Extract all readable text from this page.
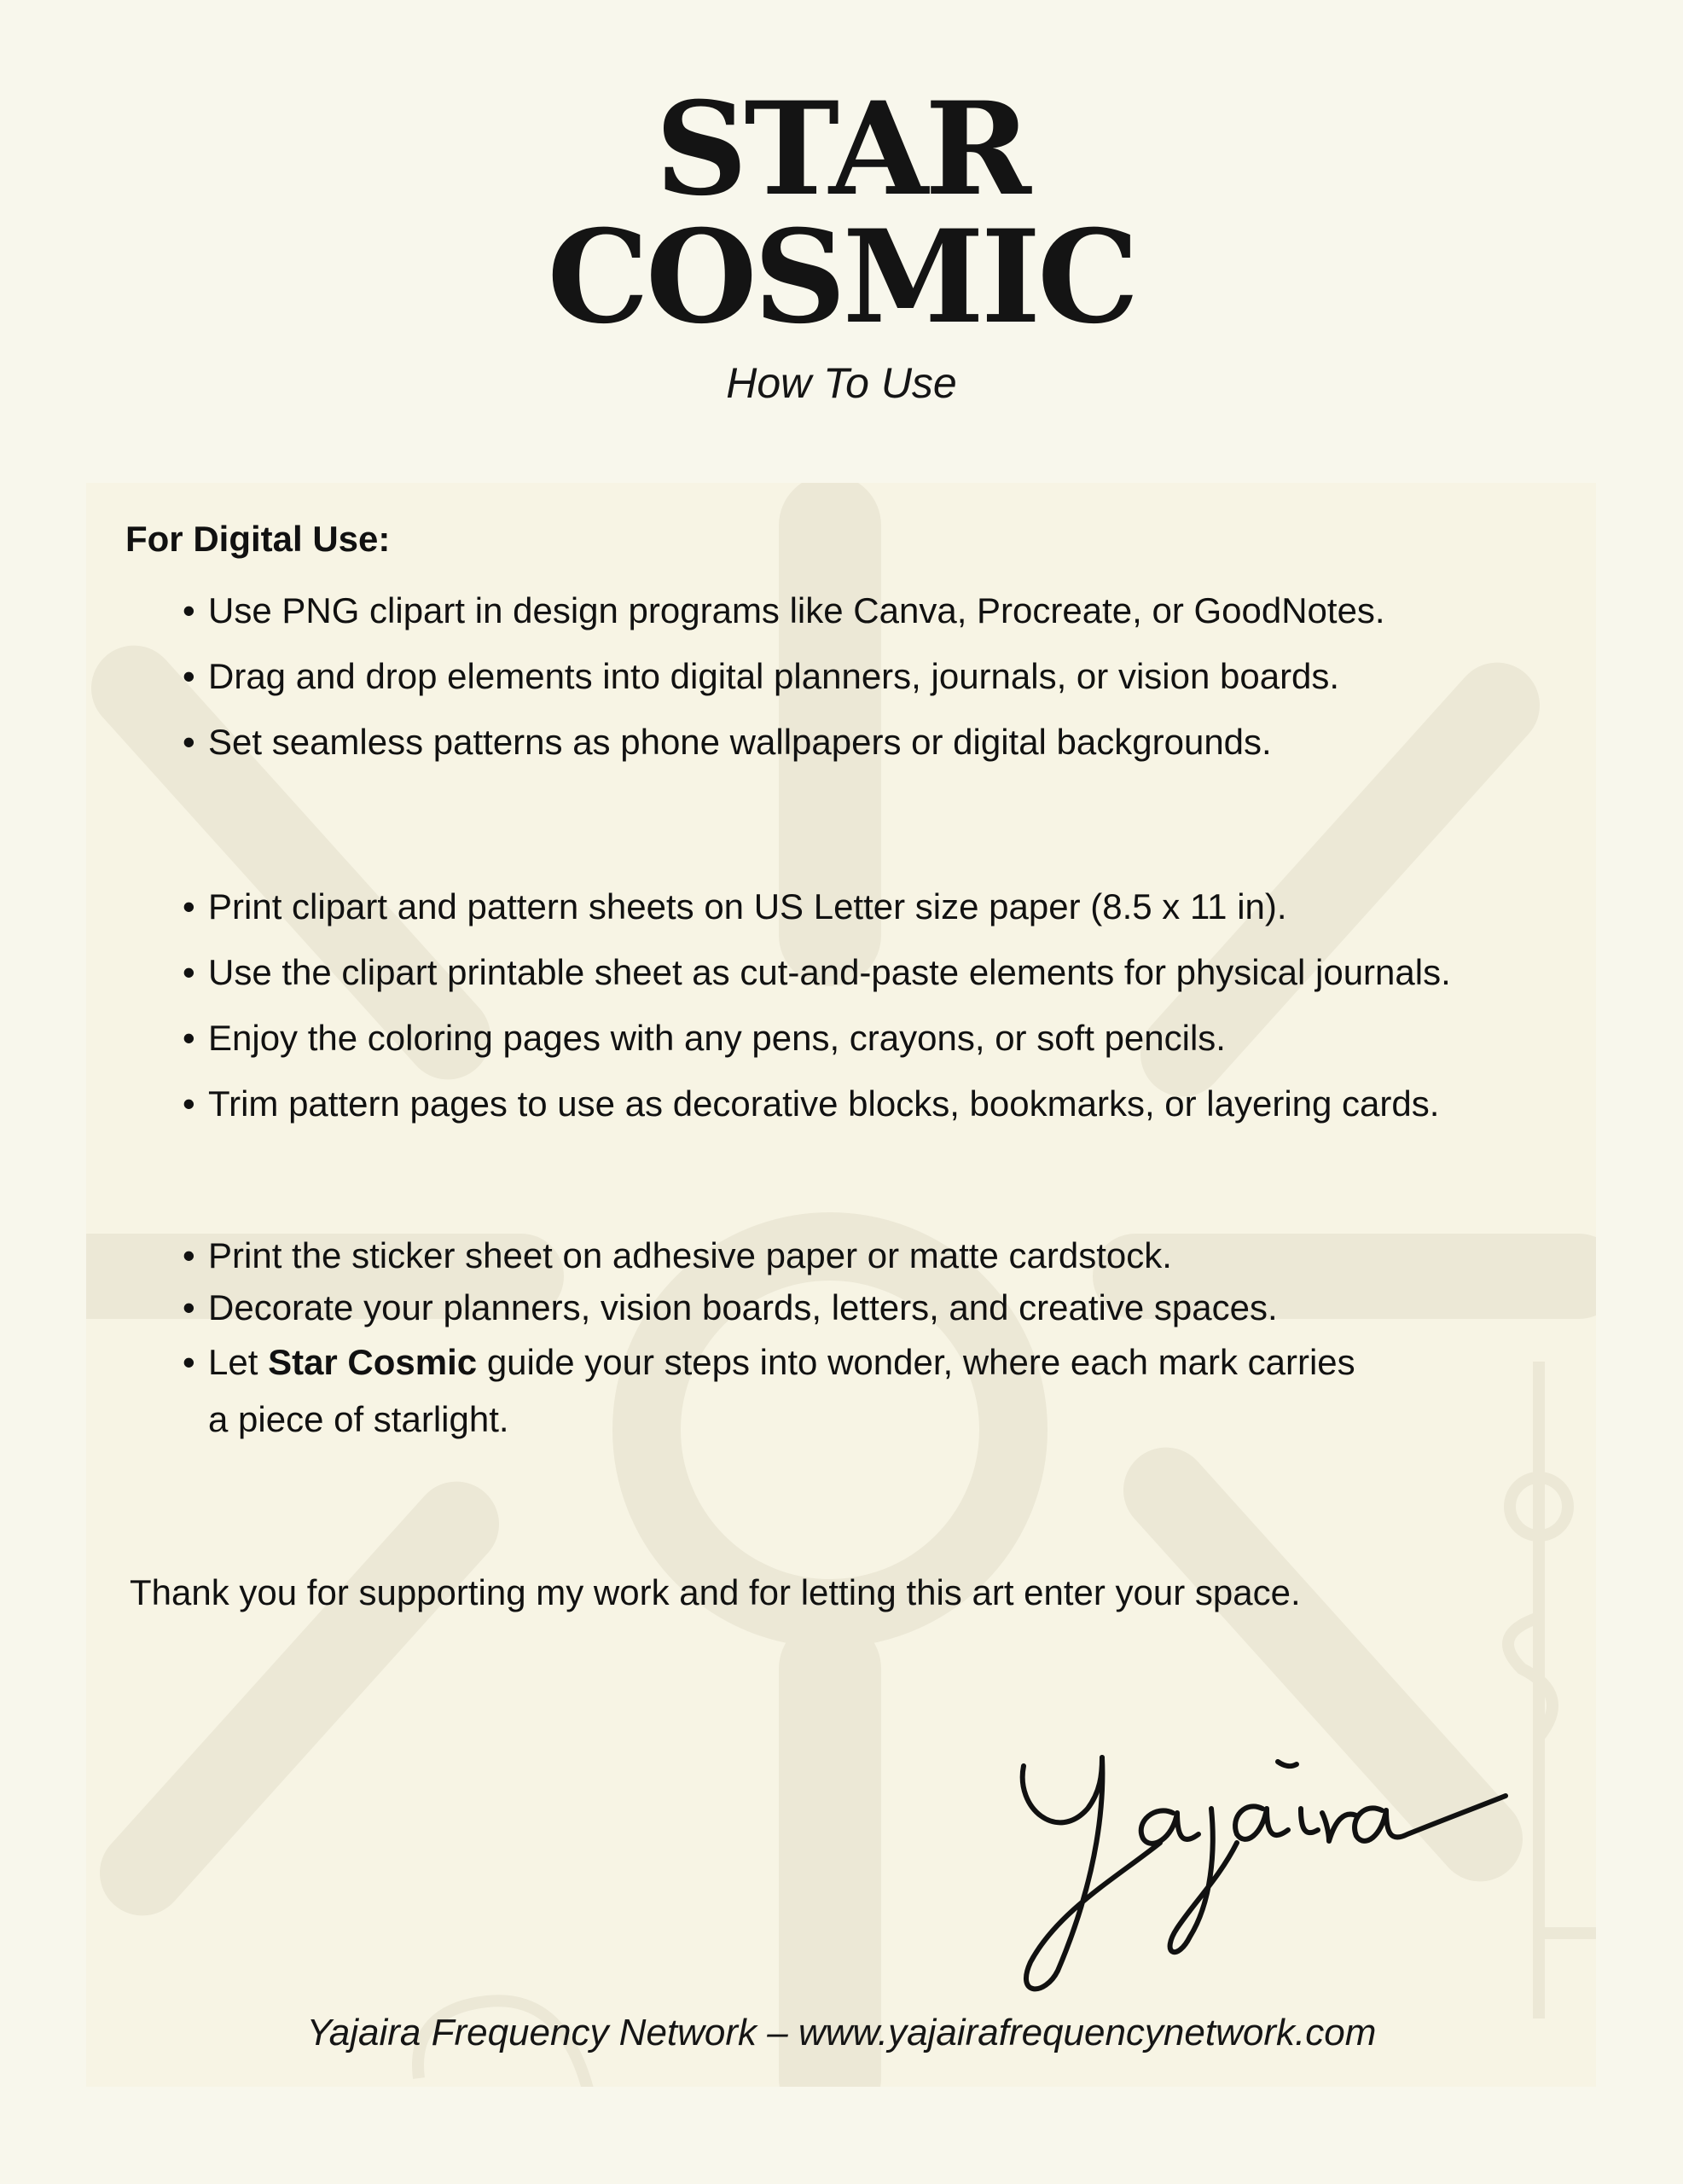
STAR
COSMIC
How To Use
For Digital Use:
• Use PNG clipart in design programs like Canva, Procreate, or GoodNotes.
• Drag and drop elements into digital planners, journals, or vision boards.
• Set seamless patterns as phone wallpapers or digital backgrounds.
• Print clipart and pattern sheets on US Letter size paper (8.5 x 11 in).
• Use the clipart printable sheet as cut-and-paste elements for physical journals.
• Enjoy the coloring pages with any pens, crayons, or soft pencils.
• Trim pattern pages to use as decorative blocks, bookmarks, or layering cards.
• Print the sticker sheet on adhesive paper or matte cardstock.
• Decorate your planners, vision boards, letters, and creative spaces.
• Let Star Cosmic guide your steps into wonder, where each mark carries
a piece of starlight.
Thank you for supporting my work and for letting this art enter your space.
Yajaira Frequency Network – www.yajairafrequencynetwork.com
